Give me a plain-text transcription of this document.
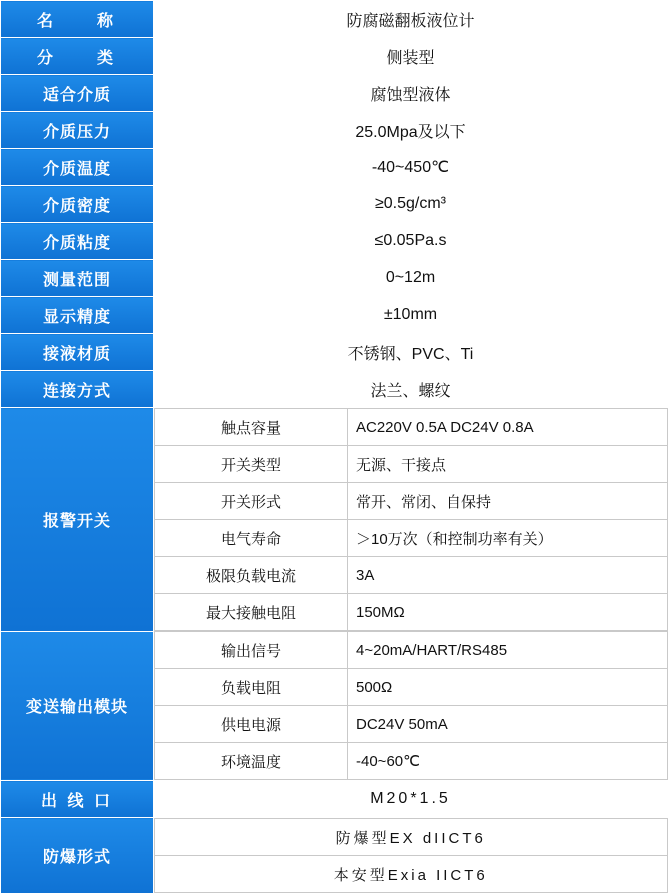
名　　称	防腐磁翻板液位计
分　　类	侧装型
适合介质	腐蚀型液体
介质压力	25.0Mpa及以下
介质温度	-40~450℃
介质密度	≥0.5g/cm³
介质粘度	≤0.05Pa.s
测量范围	0~12m
显示精度	±10mm
接液材质	不锈钢、PVC、Ti
连接方式	法兰、螺纹
报警开关	
触点容量	AC220V 0.5A DC24V 0.8A
开关类型	无源、干接点
开关形式	常开、常闭、自保持
电气寿命	＞10万次（和控制功率有关）
极限负载电流	3A
最大接触电阻	150MΩ

变送输出模块	
输出信号	4~20mA/HART/RS485
负载电阻	500Ω
供电电源	DC24V 50mA
环境温度	-40~60℃

出 线 口	M20*1.5
防爆形式	
防爆型EX dIICT6
本安型Exia IICT6
